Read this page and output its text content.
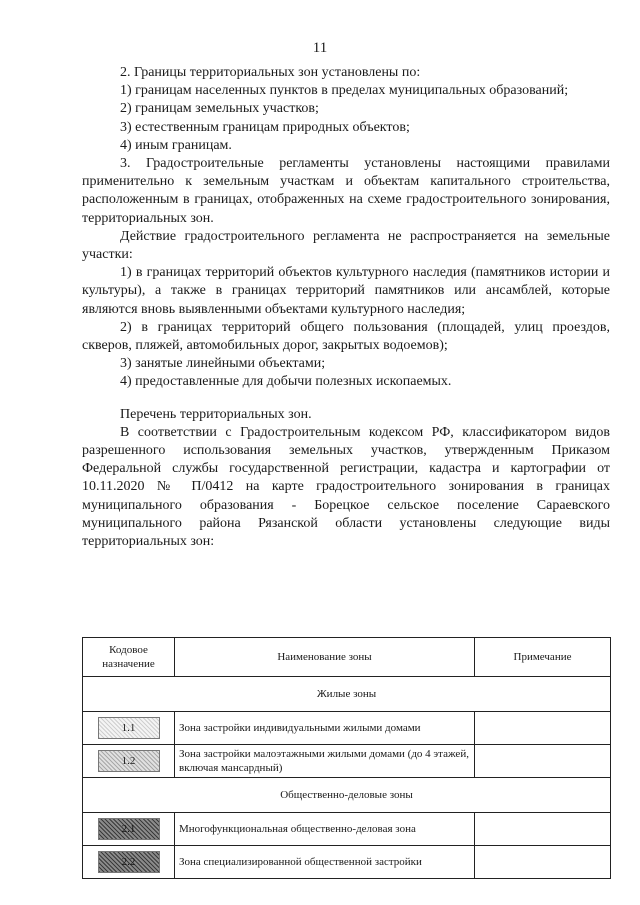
11

2. Границы территориальных зон установлены по:

1) границам населенных пунктов в пределах муниципальных образований;

2) границам земельных участков;

3) естественным границам природных объектов;

4) иным границам.

3. Градостроительные регламенты установлены настоящими правилами применительно к земельным участкам и объектам капитального строительства, расположенным в границах, отображенных на схеме градостроительного зонирования, территориальных зон.

Действие градостроительного регламента не распространяется на земельные участки:

1) в границах территорий объектов культурного наследия (памятников истории и культуры), а также в границах территорий памятников или ансамблей, которые являются вновь выявленными объектами культурного наследия;

2) в границах территорий общего пользования (площадей, улиц проездов, скверов, пляжей, автомобильных дорог, закрытых водоемов);

3) занятые линейными объектами;

4) предоставленные для добычи полезных ископаемых.

Перечень территориальных зон.

В соответствии с Градостроительным кодексом РФ, классификатором видов разрешенного использования земельных участков, утвержденным Приказом Федеральной службы государственной регистрации, кадастра и картографии от 10.11.2020 № П/0412 на карте градостроительного зонирования в границах муниципального образования - Борецкое сельское поселение Сараевского муниципального района Рязанской области установлены следующие виды территориальных зон:

Кодовое назначение	Наименование зоны	Примечание
Жилые зоны		
1.1	Зона застройки индивидуальными жилыми домами	
1.2	Зона застройки малоэтажными жилыми домами (до 4 этажей, включая мансардный)	
Общественно-деловые зоны		
2.1	Многофункциональная общественно-деловая зона	
2.2	Зона специализированной общественной застройки	
